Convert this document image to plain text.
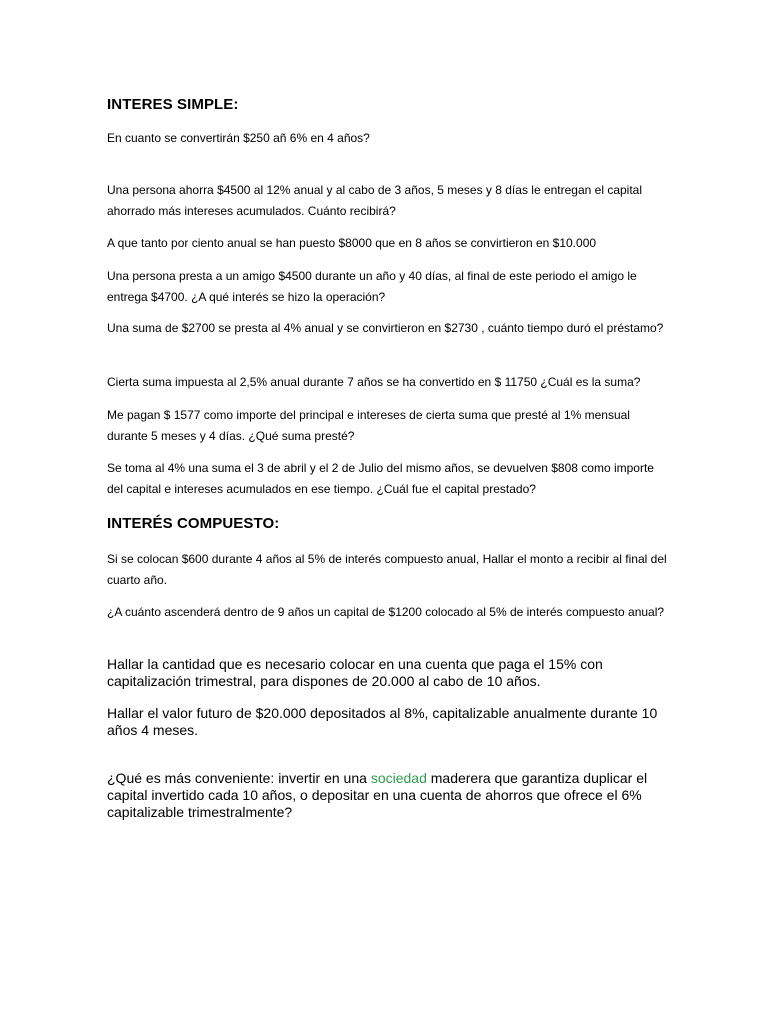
INTERES SIMPLE:
En cuanto se convertirán $250 añ 6% en 4 años?
Una persona ahorra $4500 al 12% anual y al cabo de 3 años, 5 meses y 8 días le entregan el capital ahorrado más intereses acumulados. Cuánto recibirá?
A que tanto por ciento anual se han puesto $8000 que en 8 años se convirtieron en $10.000
Una persona presta a un amigo $4500 durante un año y 40 días, al final de este periodo el amigo le entrega $4700. ¿A qué interés se hizo la operación?
Una suma de $2700 se presta al 4% anual y se convirtieron en $2730 , cuánto tiempo duró el préstamo?
Cierta suma impuesta al 2,5% anual durante 7 años se ha convertido en $ 11750 ¿Cuál es la suma?
Me pagan $ 1577 como importe del principal e intereses de cierta suma que presté al 1% mensual durante 5 meses y 4 días. ¿Qué suma presté?
Se toma al 4% una suma el 3 de abril y el 2 de Julio del mismo años, se devuelven $808 como importe del capital e intereses acumulados en ese tiempo. ¿Cuál fue el capital prestado?
INTERÉS COMPUESTO:
Si se colocan $600 durante 4 años al 5% de interés compuesto anual, Hallar el monto a recibir al final del cuarto año.
¿A cuánto ascenderá dentro de 9 años un capital de $1200 colocado al 5% de interés compuesto anual?
Hallar la cantidad que es necesario colocar en una cuenta que paga el 15% con capitalización trimestral, para dispones de 20.000 al cabo de 10 años.
Hallar el valor futuro de $20.000 depositados al 8%, capitalizable anualmente durante 10 años 4 meses.
¿Qué es más conveniente: invertir en una sociedad maderera que garantiza duplicar el capital invertido cada 10 años, o depositar en una cuenta de ahorros que ofrece el 6% capitalizable trimestralmente?
